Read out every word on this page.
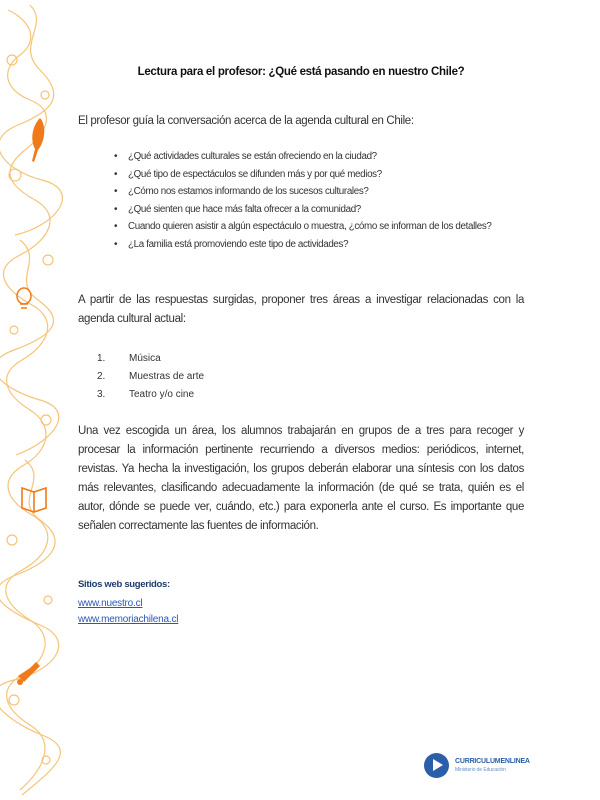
Lectura para el profesor: ¿Qué está pasando en nuestro Chile?
El profesor guía la conversación acerca de la agenda cultural en Chile:
• ¿Qué actividades culturales se están ofreciendo en la ciudad?
• ¿Qué tipo de espectáculos se difunden más y por qué medios?
• ¿Cómo nos estamos informando de los sucesos culturales?
• ¿Qué sienten que hace más falta ofrecer a la comunidad?
• Cuando quieren asistir a algún espectáculo o muestra, ¿cómo se informan de los detalles?
• ¿La familia está promoviendo este tipo de actividades?
A partir de las respuestas surgidas, proponer tres áreas a investigar relacionadas con la agenda cultural actual:
1.	Música
2.	Muestras de arte
3.	Teatro y/o cine
Una vez escogida un área, los alumnos trabajarán en grupos de a tres para recoger y procesar la información pertinente recurriendo a diversos medios: periódicos, internet, revistas. Ya hecha la investigación, los grupos deberán elaborar una síntesis con los datos más relevantes, clasificando adecuadamente la información (de qué se trata, quién es el autor, dónde se puede ver, cuándo, etc.) para exponerla ante el curso. Es importante que señalen correctamente las fuentes de información.
Sitios web sugeridos:
www.nuestro.cl
www.memoriachilena.cl
CURRICULUMENLINEA
Ministerio de Educación
